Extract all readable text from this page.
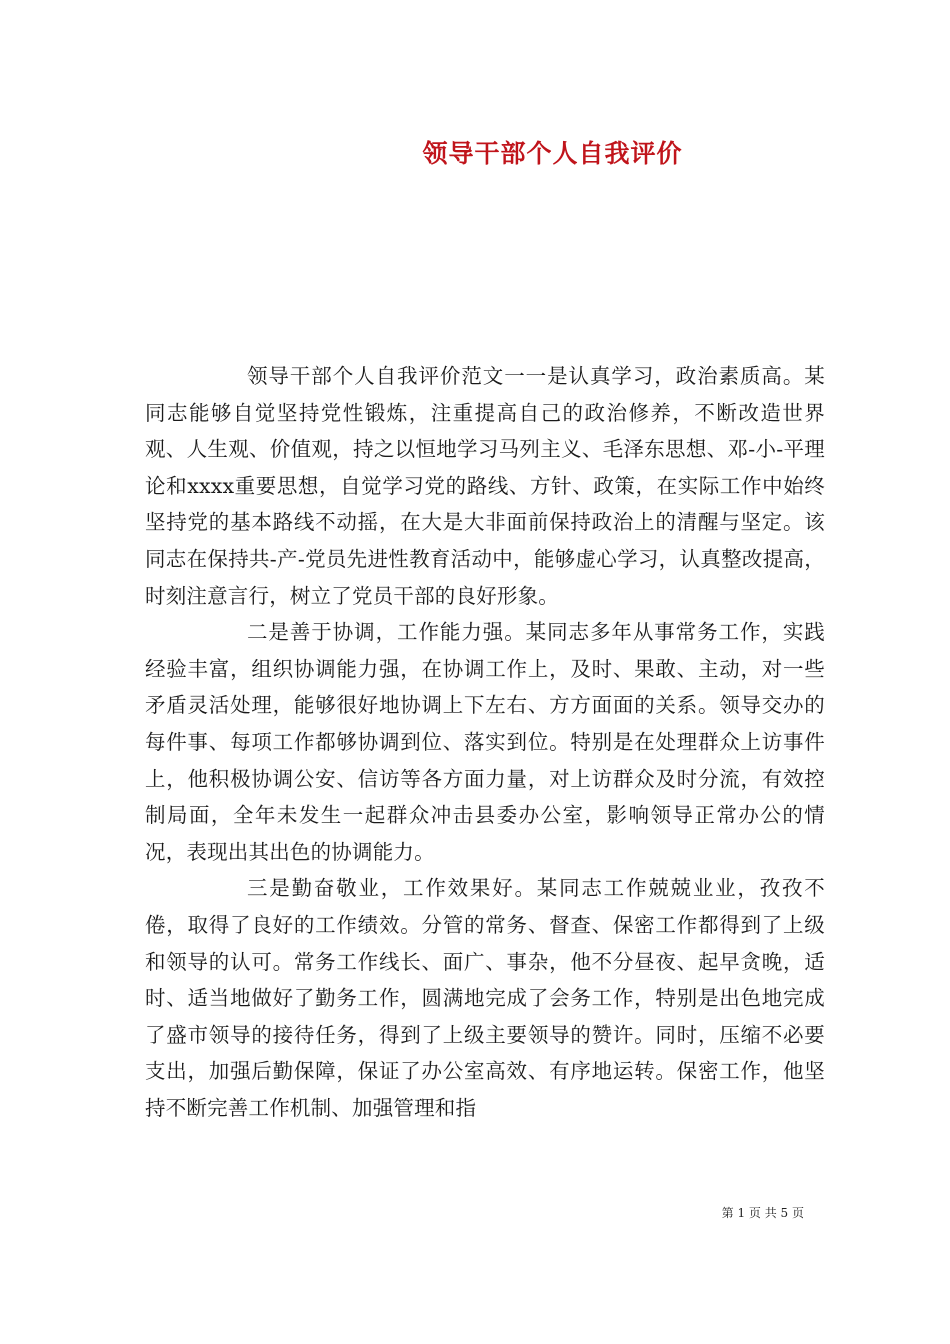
领导干部个人自我评价

领导干部个人自我评价范文一一是认真学习，政治素质高。某同志能够自觉坚持党性锻炼，注重提高自己的政治修养，不断改造世界观、人生观、价值观，持之以恒地学习马列主义、毛泽东思想、邓-小-平理论和xxxx重要思想，自觉学习党的路线、方针、政策，在实际工作中始终坚持党的基本路线不动摇，在大是大非面前保持政治上的清醒与坚定。该同志在保持共-产-党员先进性教育活动中，能够虚心学习，认真整改提高，时刻注意言行，树立了党员干部的良好形象。

二是善于协调，工作能力强。某同志多年从事常务工作，实践经验丰富，组织协调能力强，在协调工作上，及时、果敢、主动，对一些矛盾灵活处理，能够很好地协调上下左右、方方面面的关系。领导交办的每件事、每项工作都够协调到位、落实到位。特别是在处理群众上访事件上，他积极协调公安、信访等各方面力量，对上访群众及时分流，有效控制局面，全年未发生一起群众冲击县委办公室，影响领导正常办公的情况，表现出其出色的协调能力。

三是勤奋敬业，工作效果好。某同志工作兢兢业业，孜孜不倦，取得了良好的工作绩效。分管的常务、督查、保密工作都得到了上级和领导的认可。常务工作线长、面广、事杂，他不分昼夜、起早贪晚，适时、适当地做好了勤务工作，圆满地完成了会务工作，特别是出色地完成了盛市领导的接待任务，得到了上级主要领导的赞许。同时，压缩不必要支出，加强后勤保障，保证了办公室高效、有序地运转。保密工作，他坚持不断完善工作机制、加强管理和指

第 1 页 共 5 页
